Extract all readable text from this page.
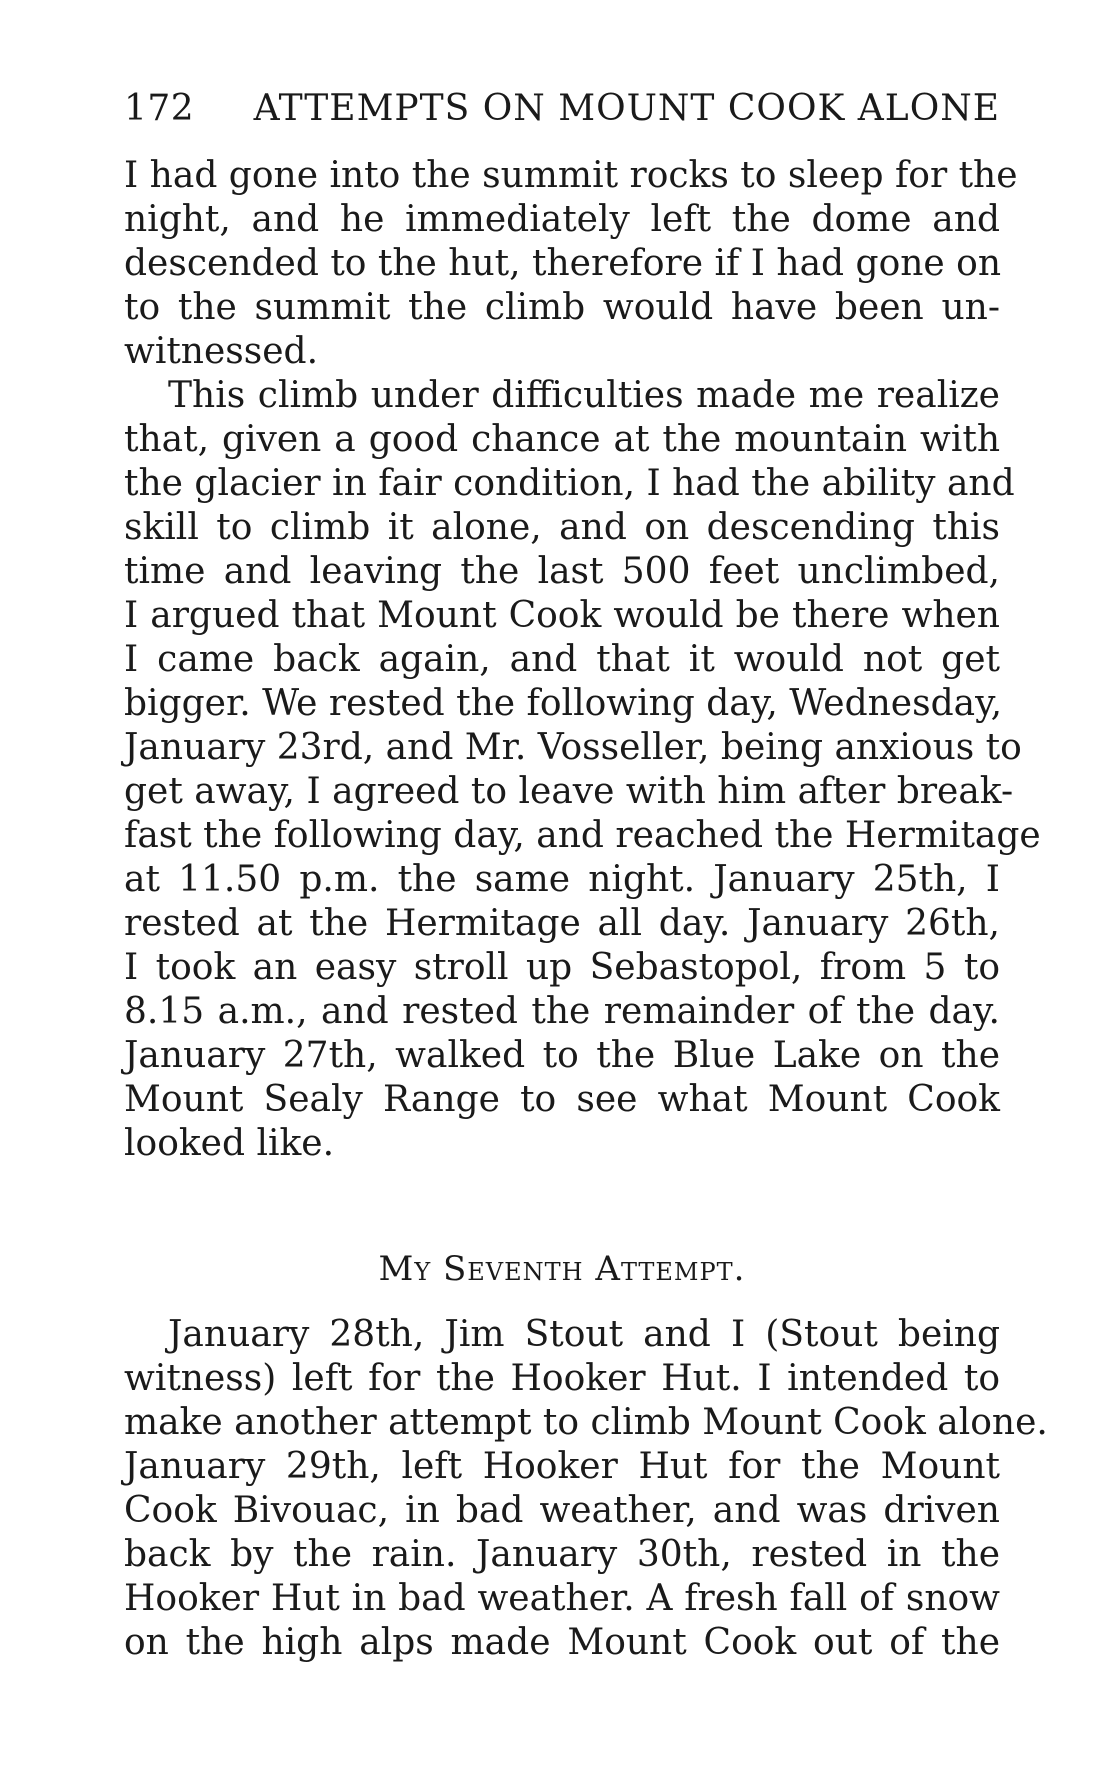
172 ATTEMPTS ON MOUNT COOK ALONE
I had gone into the summit rocks to sleep for the
night, and he immediately left the dome and
descended to the hut, therefore if I had gone on
to the summit the climb would have been un-
witnessed.
This climb under difficulties made me realize
that, given a good chance at the mountain with
the glacier in fair condition, I had the ability and
skill to climb it alone, and on descending this
time and leaving the last 500 feet unclimbed,
I argued that Mount Cook would be there when
I came back again, and that it would not get
bigger. We rested the following day, Wednesday,
January 23rd, and Mr. Vosseller, being anxious to
get away, I agreed to leave with him after break-
fast the following day, and reached the Hermitage
at 11.50 p.m. the same night. January 25th, I
rested at the Hermitage all day. January 26th,
I took an easy stroll up Sebastopol, from 5 to
8.15 a.m., and rested the remainder of the day.
January 27th, walked to the Blue Lake on the
Mount Sealy Range to see what Mount Cook
looked like.
My Seventh Attempt.
January 28th, Jim Stout and I (Stout being
witness) left for the Hooker Hut. I intended to
make another attempt to climb Mount Cook alone.
January 29th, left Hooker Hut for the Mount
Cook Bivouac, in bad weather, and was driven
back by the rain. January 30th, rested in the
Hooker Hut in bad weather. A fresh fall of snow
on the high alps made Mount Cook out of the
